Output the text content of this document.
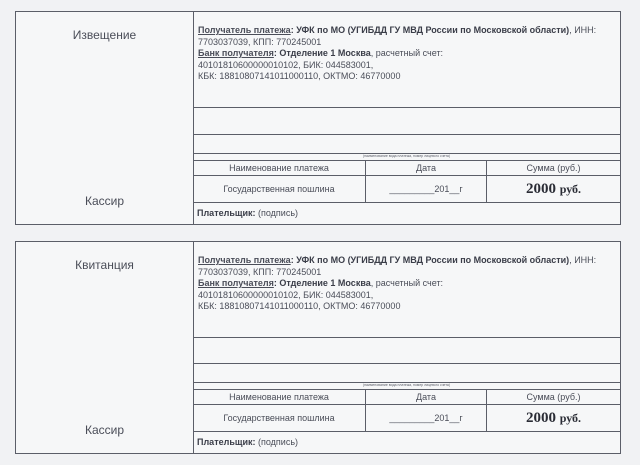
Извещение
Кассир
Получатель платежа: УФК по МО (УГИБДД ГУ МВД России по Московской области), ИНН: 7703037039, КПП: 770245001
Банк получателя: Отделение 1 Москва, расчетный счет:
40101810600000010102, БИК: 044583001,
КБК: 18810807141011000110, ОКТМО: 46770000
(наименование вида платежа, номер лицевого счета)
Наименование платежа	Дата	Сумма (руб.)
Государственная пошлина	_________201__г	2000 руб.
Плательщик: (подпись)
Квитанция
Кассир
Получатель платежа: УФК по МО (УГИБДД ГУ МВД России по Московской области), ИНН: 7703037039, КПП: 770245001
Банк получателя: Отделение 1 Москва, расчетный счет:
40101810600000010102, БИК: 044583001,
КБК: 18810807141011000110, ОКТМО: 46770000
(наименование вида платежа, номер лицевого счета)
Наименование платежа	Дата	Сумма (руб.)
Государственная пошлина	_________201__г	2000 руб.
Плательщик: (подпись)
